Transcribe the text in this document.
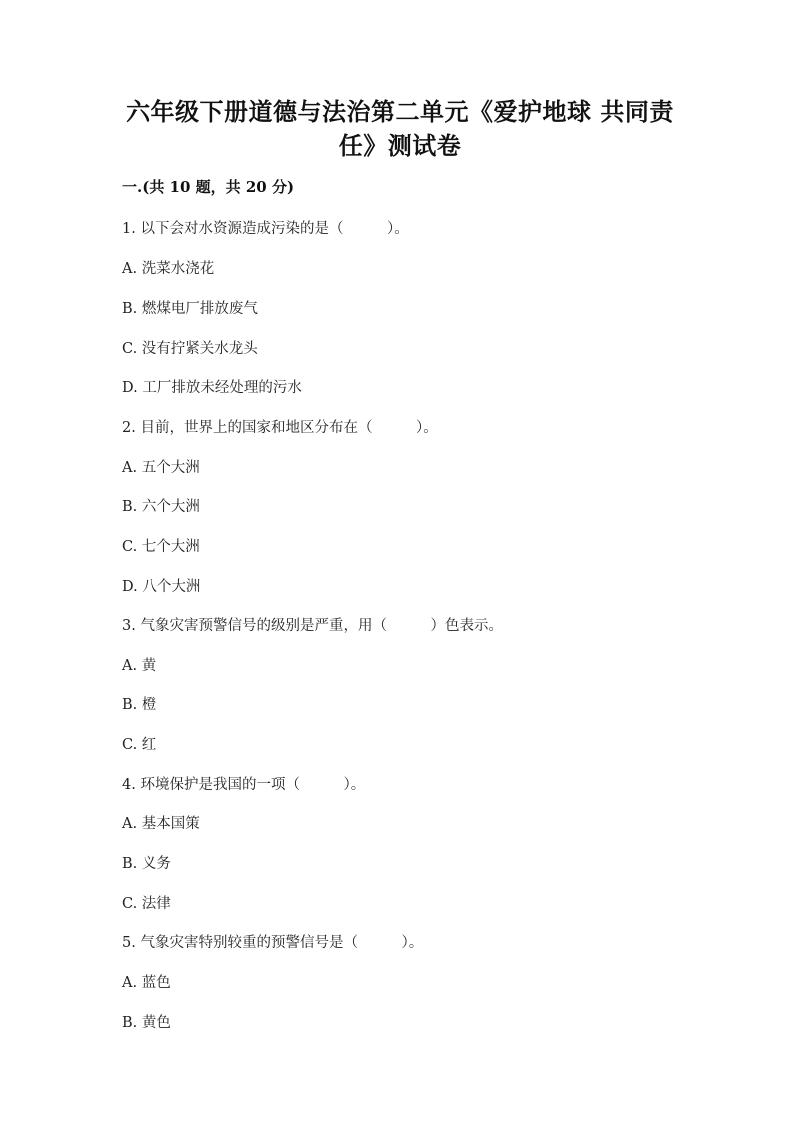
六年级下册道德与法治第二单元《爱护地球 共同责
任》测试卷
一.(共 10 题，共 20 分)
1. 以下会对水资源造成污染的是（　　　）。
A. 洗菜水浇花
B. 燃煤电厂排放废气
C. 没有拧紧关水龙头
D. 工厂排放未经处理的污水
2. 目前，世界上的国家和地区分布在（　　　）。
A. 五个大洲
B. 六个大洲
C. 七个大洲
D. 八个大洲
3. 气象灾害预警信号的级别是严重，用（　　　）色表示。
A. 黄
B. 橙
C. 红
4. 环境保护是我国的一项（　　　）。
A. 基本国策
B. 义务
C. 法律
5. 气象灾害特别较重的预警信号是（　　　）。
A. 蓝色
B. 黄色
